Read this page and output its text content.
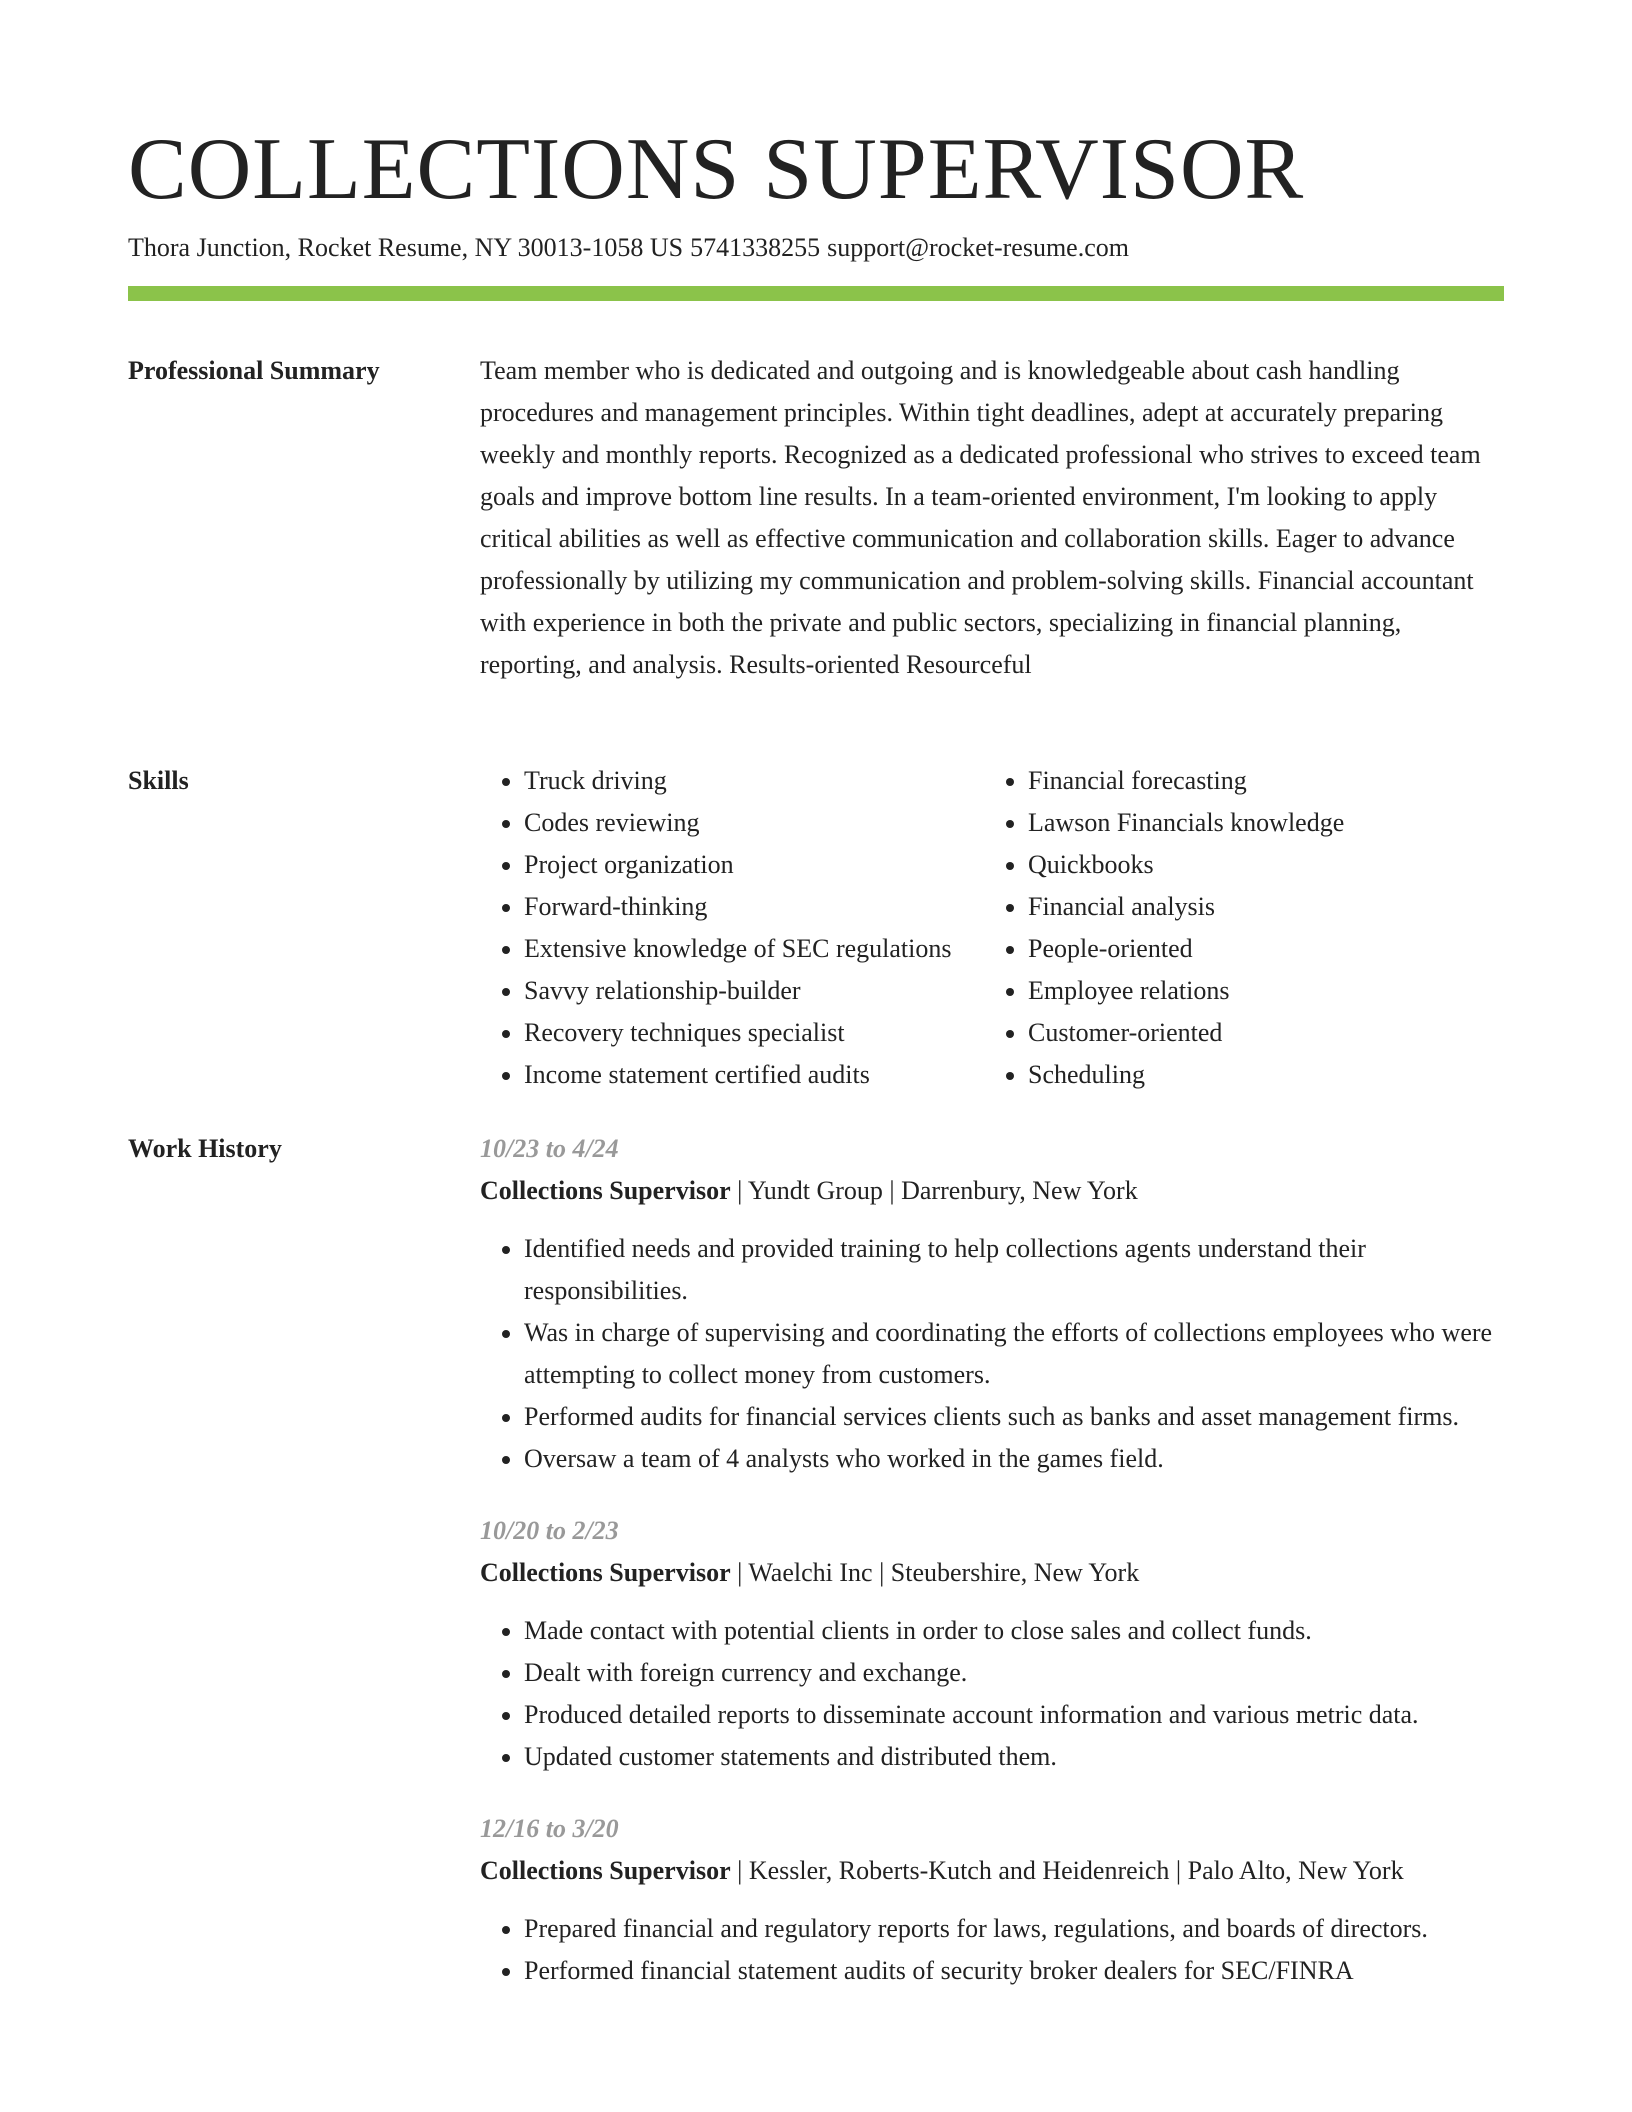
COLLECTIONS SUPERVISOR
Thora Junction, Rocket Resume, NY 30013-1058 US 5741338255 support@rocket-resume.com
Professional Summary	Team member who is dedicated and outgoing and is knowledgeable about cash handling procedures and management principles. Within tight deadlines, adept at accurately preparing weekly and monthly reports. Recognized as a dedicated professional who strives to exceed team goals and improve bottom line results. In a team-oriented environment, I'm looking to apply critical abilities as well as effective communication and collaboration skills. Eager to advance professionally by utilizing my communication and problem-solving skills. Financial accountant with experience in both the private and public sectors, specializing in financial planning, reporting, and analysis. Results-oriented Resourceful

Skills
•	Truck driving
• Codes reviewing
• Project organization
• Forward-thinking
• Extensive knowledge of SEC regulations
• Savvy relationship-builder
• Recovery techniques specialist
• Income statement certified audits
• Financial forecasting
• Lawson Financials knowledge
• Quickbooks
• Financial analysis
• People-oriented
• Employee relations
• Customer-oriented
• Scheduling
Work History	10/23 to 4/24
Collections Supervisor | Yundt Group | Darrenbury, New York
• Identified needs and provided training to help collections agents understand their responsibilities.
• Was in charge of supervising and coordinating the efforts of collections employees who were attempting to collect money from customers.
• Performed audits for financial services clients such as banks and asset management firms.
• Oversaw a team of 4 analysts who worked in the games field.
10/20 to 2/23
Collections Supervisor | Waelchi Inc | Steubershire, New York
• Made contact with potential clients in order to close sales and collect funds.
• Dealt with foreign currency and exchange.
• Produced detailed reports to disseminate account information and various metric data.
• Updated customer statements and distributed them.
12/16 to 3/20
Collections Supervisor | Kessler, Roberts-Kutch and Heidenreich | Palo Alto, New York
• Prepared financial and regulatory reports for laws, regulations, and boards of directors.
• Performed financial statement audits of security broker dealers for SEC/FINRA
